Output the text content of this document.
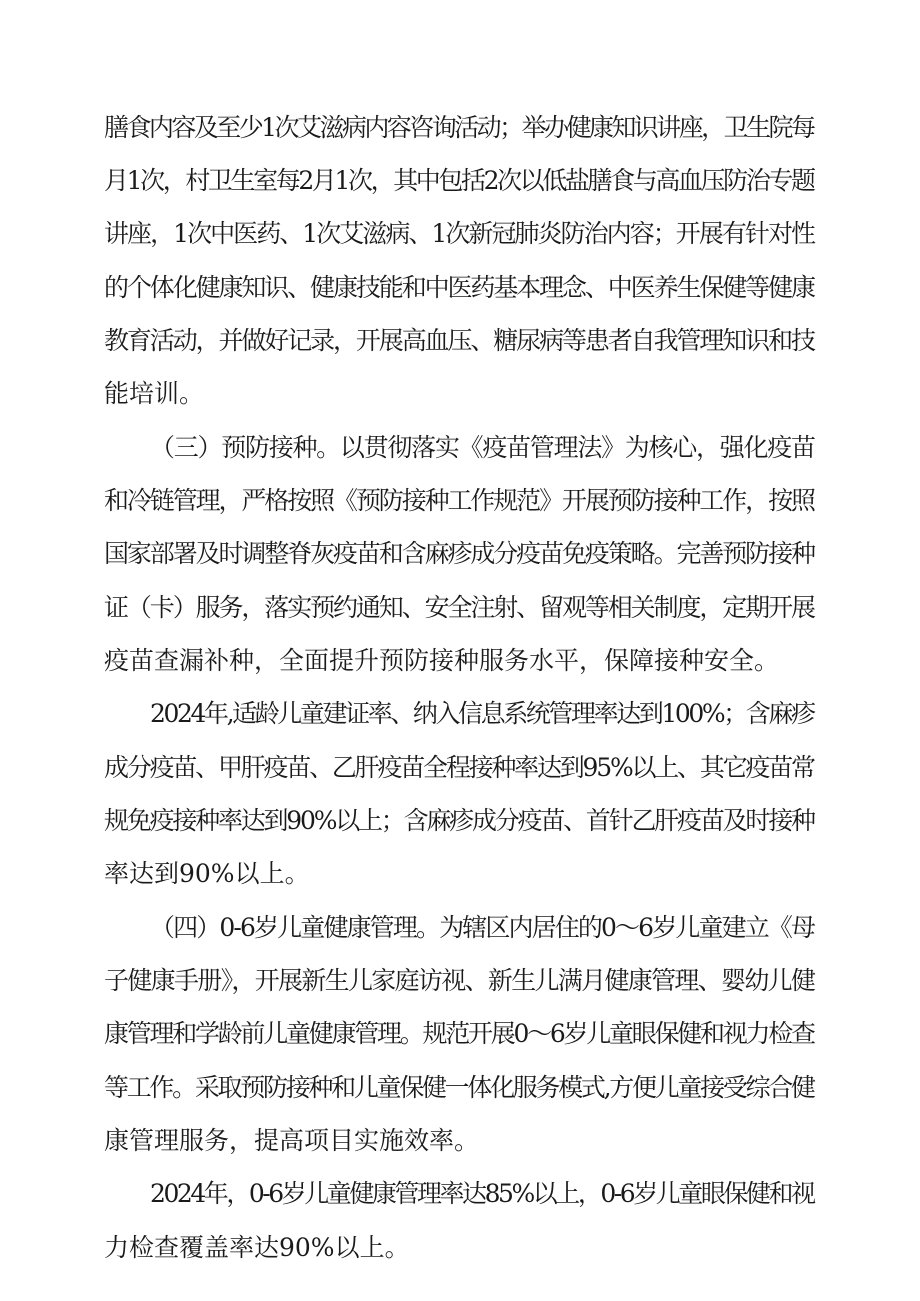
膳食内容及至少1次艾滋病内容咨询活动；举办健康知识讲座，卫生院每

月1次，村卫生室每2月1次，其中包括2次以低盐膳食与高血压防治专题

讲座，1次中医药、1次艾滋病、1次新冠肺炎防治内容；开展有针对性

的个体化健康知识、健康技能和中医药基本理念、中医养生保健等健康

教育活动，并做好记录，开展高血压、糖尿病等患者自我管理知识和技

能培训。

（三）预防接种。以贯彻落实《疫苗管理法》为核心，强化疫苗

和冷链管理，严格按照《预防接种工作规范》开展预防接种工作，按照

国家部署及时调整脊灰疫苗和含麻疹成分疫苗免疫策略。完善预防接种

证（卡）服务，落实预约通知、安全注射、留观等相关制度，定期开展

疫苗查漏补种，全面提升预防接种服务水平，保障接种安全。

2024年,适龄儿童建证率、纳入信息系统管理率达到100%；含麻疹

成分疫苗、甲肝疫苗、乙肝疫苗全程接种率达到95%以上、其它疫苗常

规免疫接种率达到90%以上；含麻疹成分疫苗、首针乙肝疫苗及时接种

率达到90%以上。

（四）0-6岁儿童健康管理。为辖区内居住的0～6岁儿童建立《母

子健康手册》，开展新生儿家庭访视、新生儿满月健康管理、婴幼儿健

康管理和学龄前儿童健康管理。规范开展0～6岁儿童眼保健和视力检查

等工作。采取预防接种和儿童保健一体化服务模式,方便儿童接受综合健

康管理服务，提高项目实施效率。

2024年，0-6岁儿童健康管理率达85%以上，0-6岁儿童眼保健和视

力检查覆盖率达90%以上。
